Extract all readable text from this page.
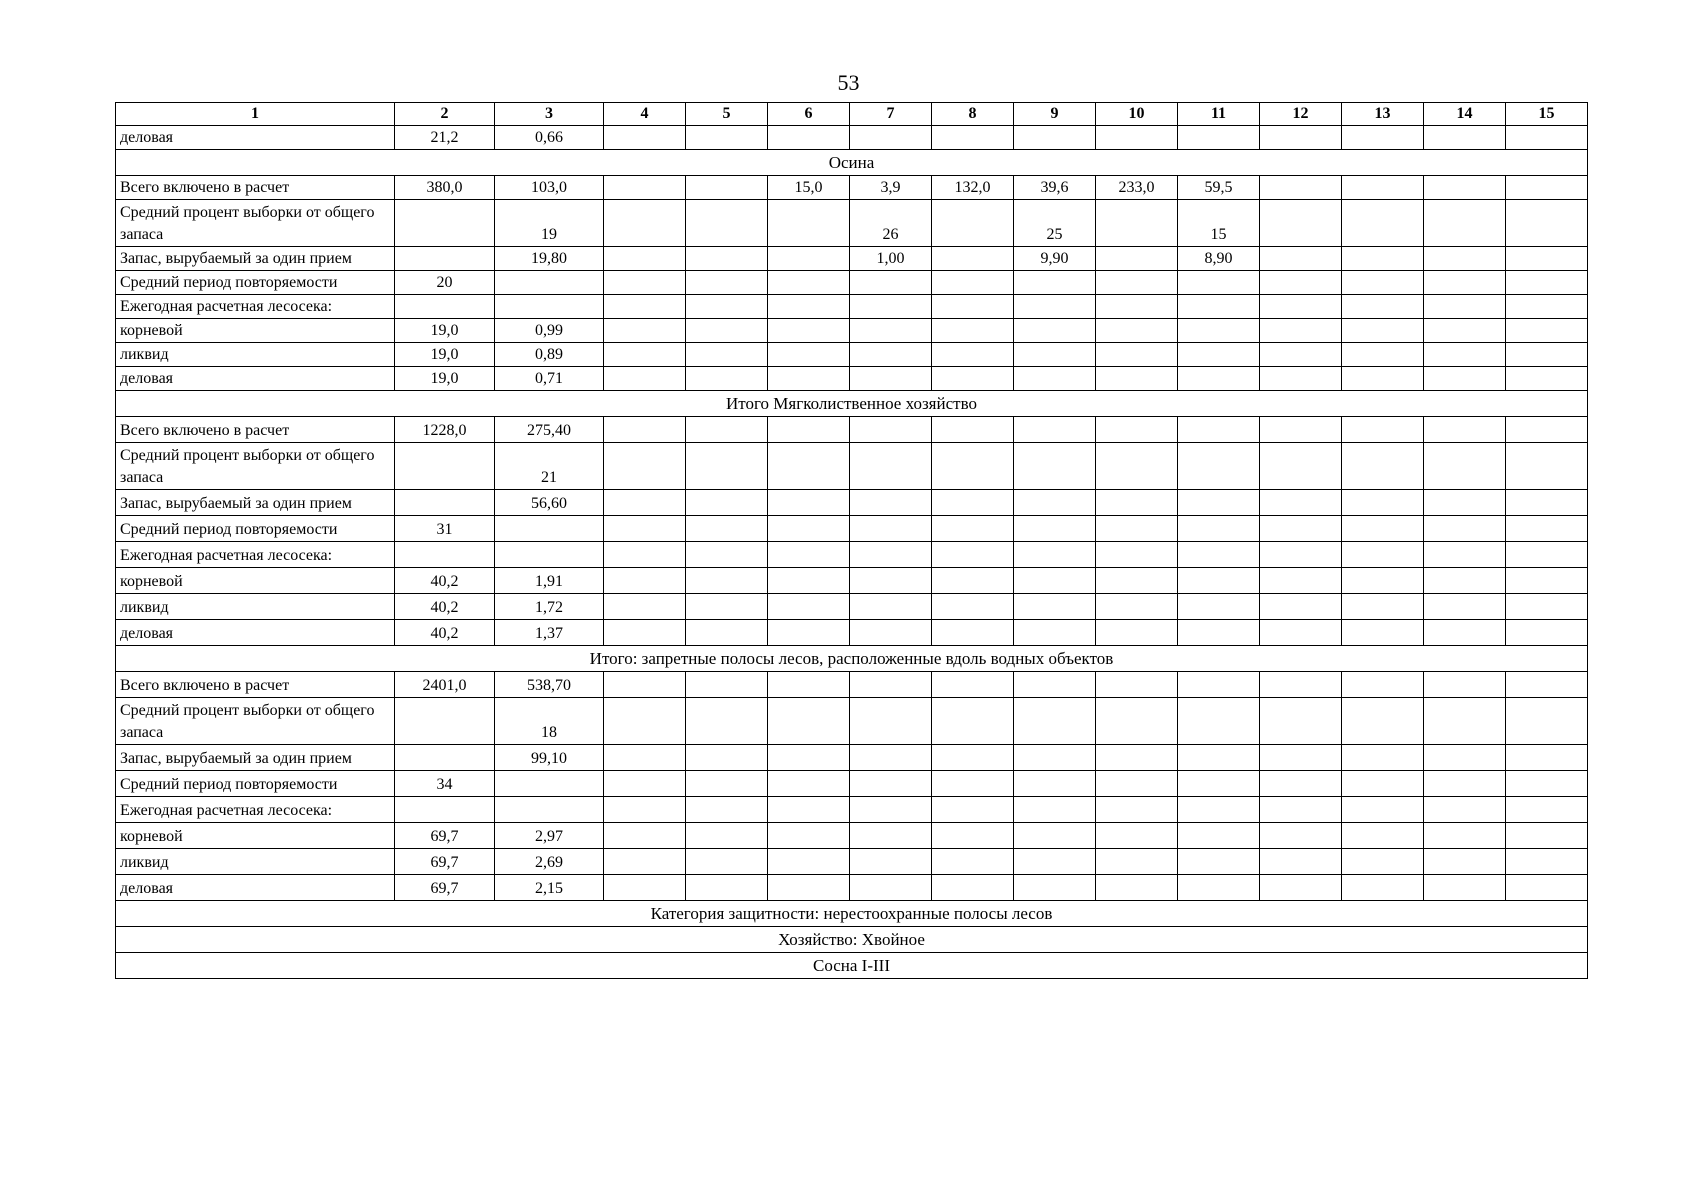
53
1	2	3	4	5	6	7	8	9	10	11	12	13	14	15
деловая	21,2	0,66												
Осина														
Всего включено в расчет	380,0	103,0			15,0	3,9	132,0	39,6	233,0	59,5				
Средний процент выборки от общего запаса		19				26		25		15				
Запас, вырубаемый за один прием		19,80				1,00		9,90		8,90				
Средний период повторяемости	20													
Ежегодная расчетная лесосека:														
корневой	19,0	0,99												
ликвид	19,0	0,89												
деловая	19,0	0,71												
Итого Мягколиственное хозяйство														
Всего включено в расчет	1228,0	275,40												
Средний процент выборки от общего запаса		21												
Запас, вырубаемый за один прием		56,60												
Средний период повторяемости	31													
Ежегодная расчетная лесосека:														
корневой	40,2	1,91												
ликвид	40,2	1,72												
деловая	40,2	1,37												
Итого: запретные полосы лесов, расположенные вдоль водных объектов														
Всего включено в расчет	2401,0	538,70												
Средний процент выборки от общего запаса		18												
Запас, вырубаемый за один прием		99,10												
Средний период повторяемости	34													
Ежегодная расчетная лесосека:														
корневой	69,7	2,97												
ликвид	69,7	2,69												
деловая	69,7	2,15												
Категория защитности: нерестоохранные полосы лесов														
Хозяйство: Хвойное														
Сосна I-III														
